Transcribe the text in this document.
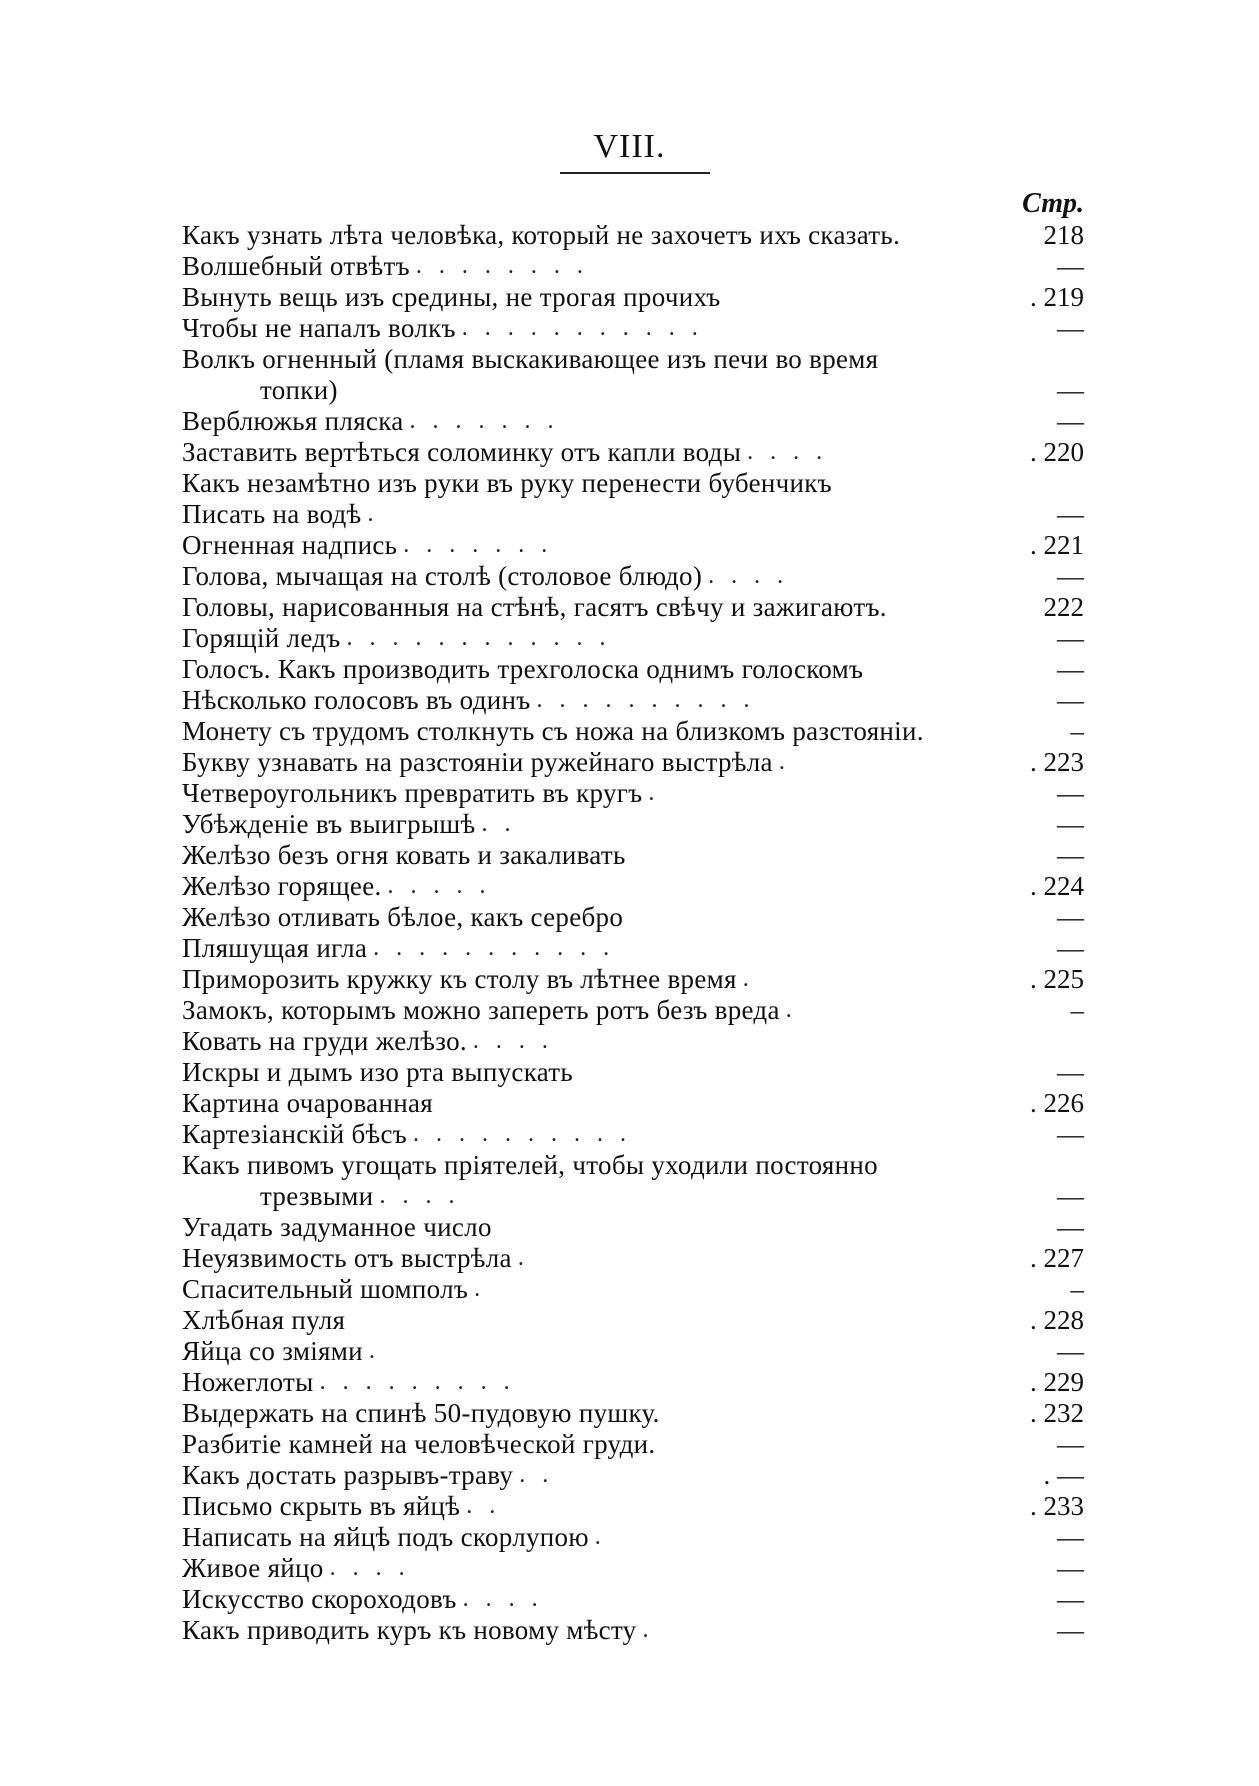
VIII.
Стр.
Какъ узнать лѣта человѣка, который не захочетъ ихъ сказать.	218
Волшебный отвѣтъ ........	—
Вынуть вещь изъ средины, не трогая прочихъ	. 219
Чтобы не напалъ волкъ ...........	—
Волкъ огненный (пламя выскакивающее изъ печи во время
топки)	—
Верблюжья пляска .......	—
Заставить вертѣться соломинку отъ капли воды ....	. 220
Какъ незамѣтно изъ руки въ руку перенести бубенчикъ
Писать на водѣ .	—
Огненная надпись .......	. 221
Голова, мычащая на столѣ (столовое блюдо) ....	—
Головы, нарисованныя на стѣнѣ, гасятъ свѣчу и зажигаютъ.	222
Горящій ледъ ............	—
Голосъ. Какъ производить трехголоска однимъ голоскомъ	—
Нѣсколько голосовъ въ одинъ ..........	—
Монету съ трудомъ столкнуть съ ножа на близкомъ разстояніи.	–
Букву узнавать на разстояніи ружейнаго выстрѣла .	. 223
Четвероугольникъ превратить въ кругъ .	—
Убѣжденіе въ выигрышѣ ..	—
Желѣзо безъ огня ковать и закаливать	—
Желѣзо горящее. .....	. 224
Желѣзо отливать бѣлое, какъ серебро	—
Пляшущая игла ...........	—
Приморозить кружку къ столу въ лѣтнее время .	. 225
Замокъ, которымъ можно запереть ротъ безъ вреда .	–
Ковать на груди желѣзо. ....
Искры и дымъ изо рта выпускать	—
Картина очарованная	. 226
Картезіанскій бѣсъ ..........	—
Какъ пивомъ угощать пріятелей, чтобы уходили постоянно
трезвыми ....	—
Угадать задуманное число	—
Неуязвимость отъ выстрѣла .	. 227
Спасительный шомполъ .	–
Хлѣбная пуля	. 228
Яйца со зміями .	—
Ножеглоты .........	. 229
Выдержать на спинѣ 50-пудовую пушку.	. 232
Разбитіе камней на человѣческой груди.	—
Какъ достать разрывъ-траву ..	. —
Письмо скрыть въ яйцѣ ..	. 233
Написать на яйцѣ подъ скорлупою .	—
Живое яйцо ....	—
Искусство скороходовъ ....	—
Какъ приводить куръ къ новому мѣсту .	—
